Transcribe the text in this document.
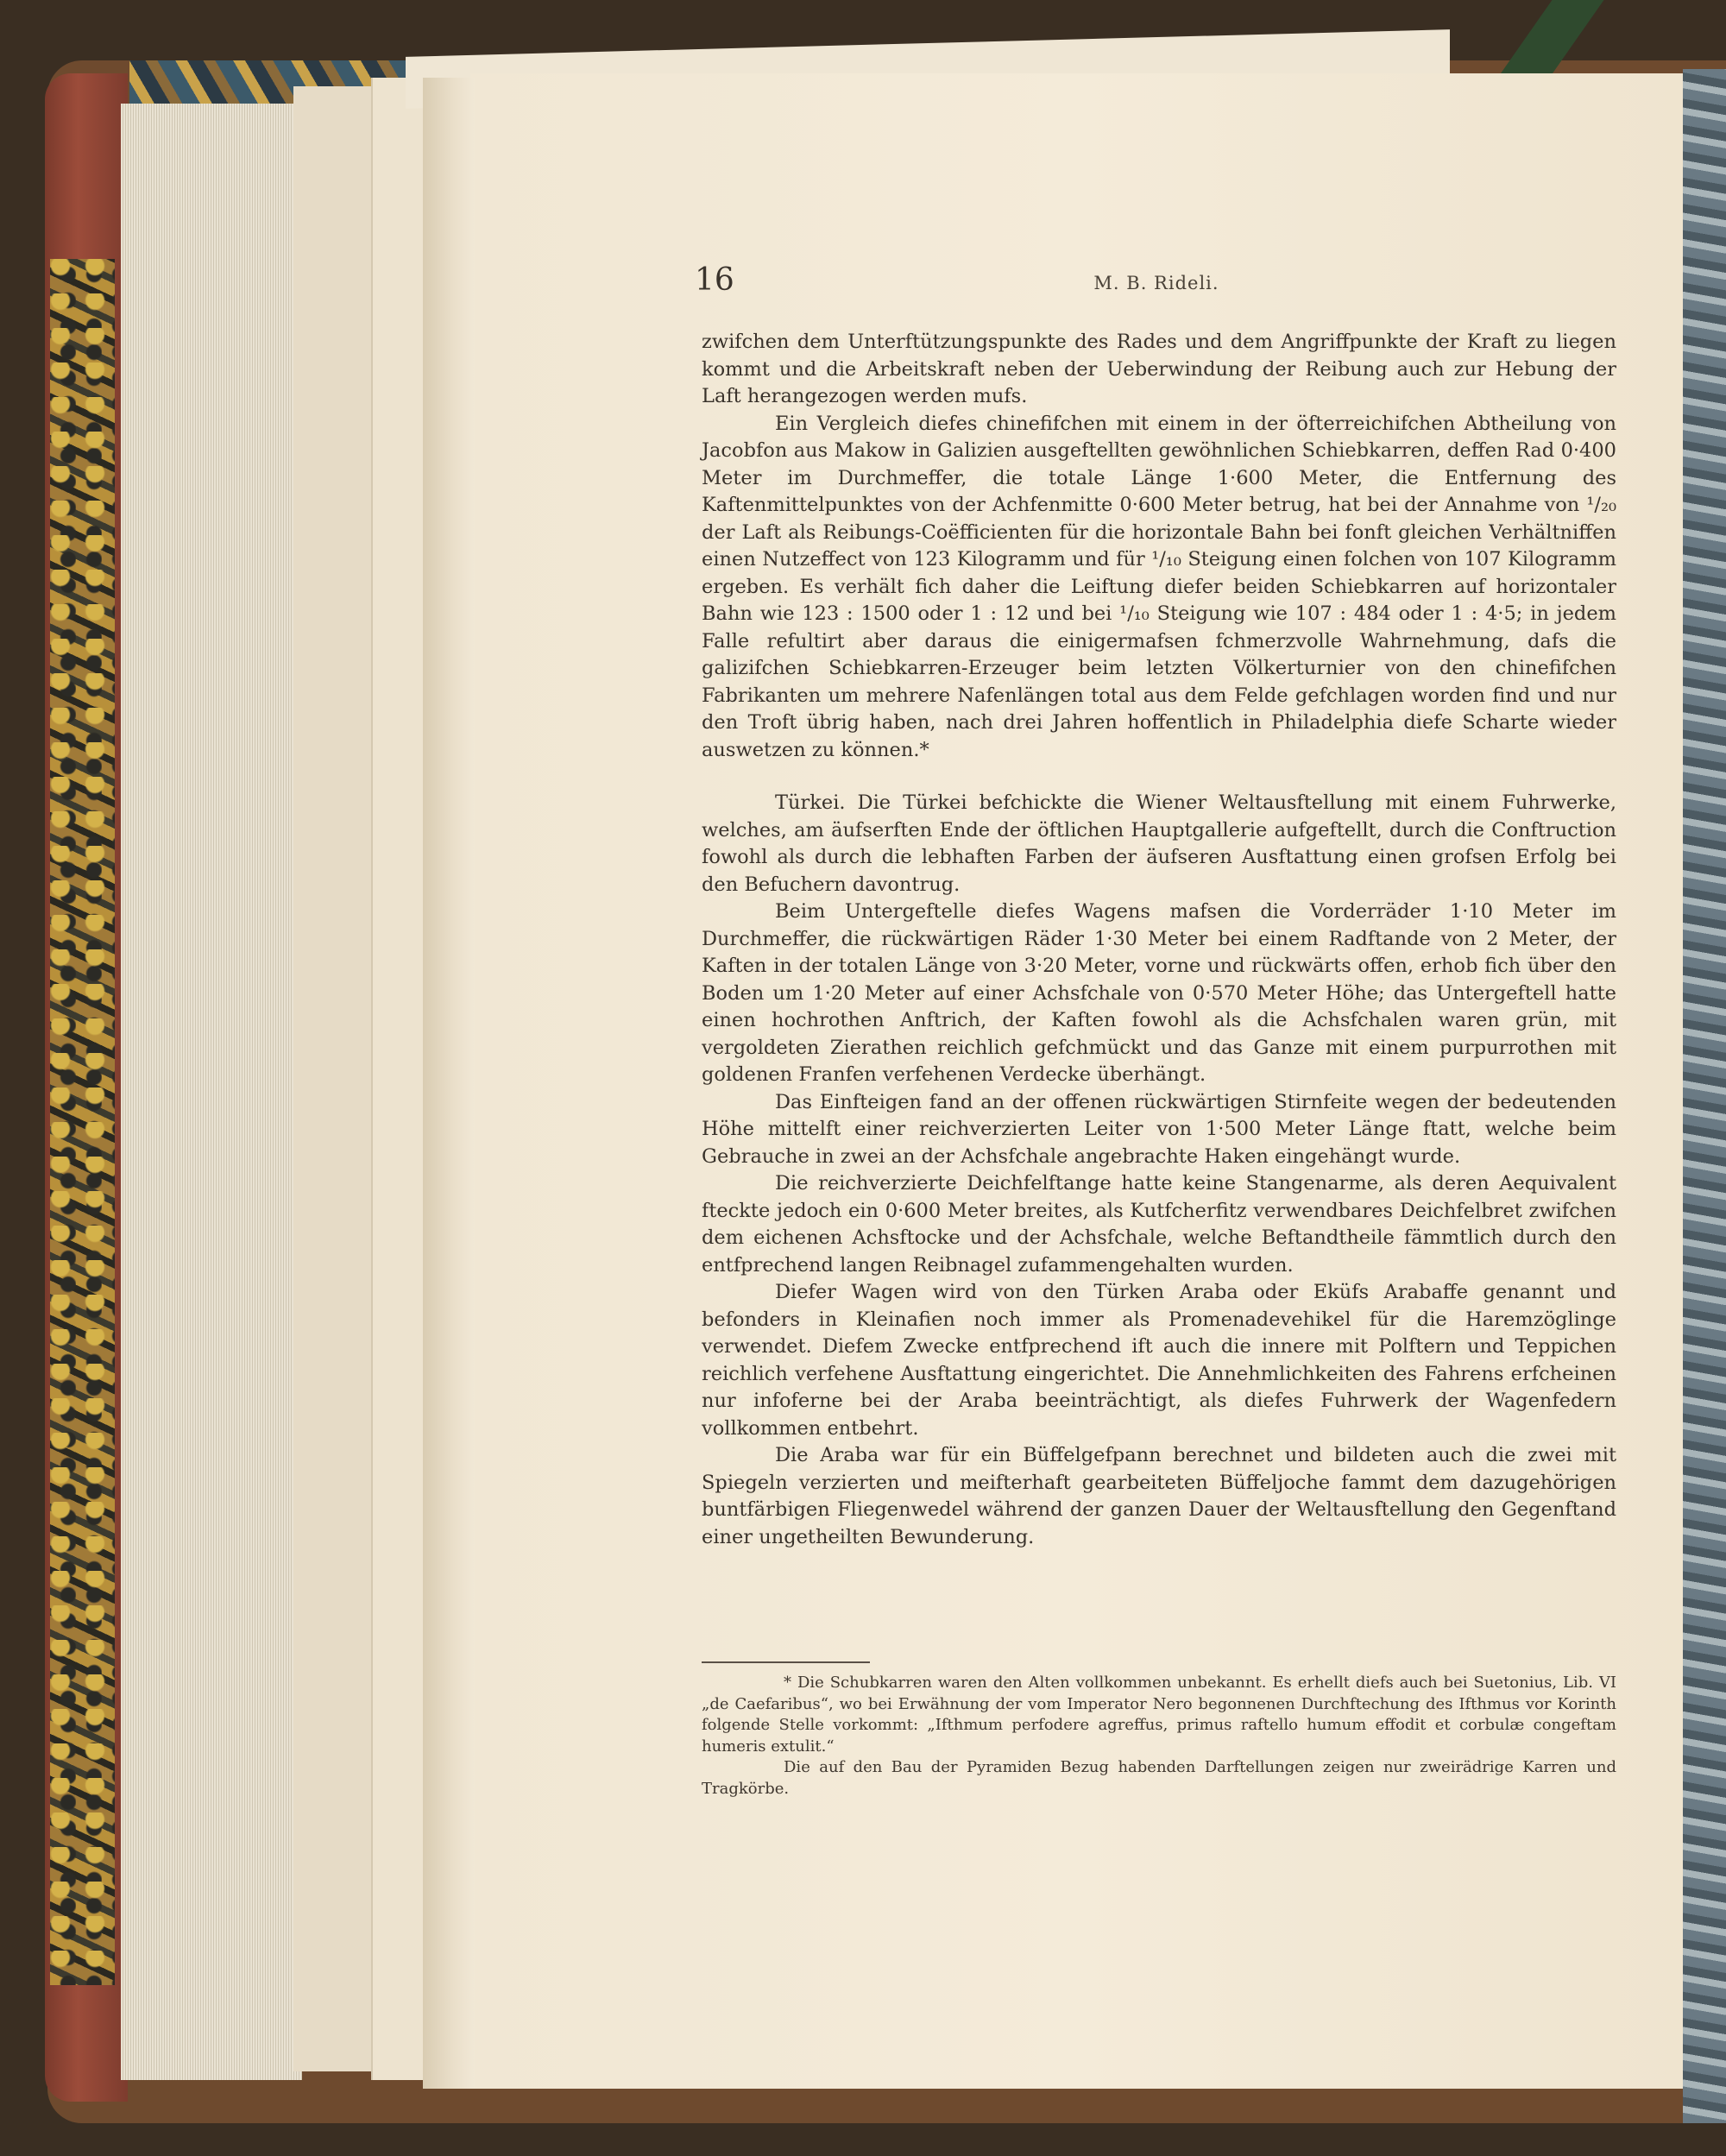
16	M. B. Rideli.

zwifchen dem Unterftützungspunkte des Rades und dem Angriffpunkte der Kraft zu liegen kommt und die Arbeitskraft neben der Ueberwindung der Reibung auch zur Hebung der Laft herangezogen werden mufs.

Ein Vergleich diefes chinefifchen mit einem in der öfterreichifchen Abtheilung von Jacobfon aus Makow in Galizien ausgeftellten gewöhnlichen Schiebkarren, deffen Rad 0·400 Meter im Durchmeffer, die totale Länge 1·600 Meter, die Entfernung des Kaftenmittelpunktes von der Achfenmitte 0·600 Meter betrug, hat bei der Annahme von ¹/₂₀ der Laft als Reibungs-Coëfficienten für die horizontale Bahn bei fonft gleichen Verhältniffen einen Nutzeffect von 123 Kilogramm und für ¹/₁₀ Steigung einen folchen von 107 Kilogramm ergeben. Es verhält fich daher die Leiftung diefer beiden Schiebkarren auf horizontaler Bahn wie 123 : 1500 oder 1 : 12 und bei ¹/₁₀ Steigung wie 107 : 484 oder 1 : 4·5; in jedem Falle refultirt aber daraus die einigermafsen fchmerzvolle Wahrnehmung, dafs die galizifchen Schiebkarren-Erzeuger beim letzten Völkerturnier von den chinefifchen Fabrikanten um mehrere Nafenlängen total aus dem Felde gefchlagen worden find und nur den Troft übrig haben, nach drei Jahren hoffentlich in Philadelphia diefe Scharte wieder auswetzen zu können.*

Türkei. Die Türkei befchickte die Wiener Weltausftellung mit einem Fuhrwerke, welches, am äufserften Ende der öftlichen Hauptgallerie aufgeftellt, durch die Conftruction fowohl als durch die lebhaften Farben der äufseren Ausftattung einen grofsen Erfolg bei den Befuchern davontrug.

Beim Untergeftelle diefes Wagens mafsen die Vorderräder 1·10 Meter im Durchmeffer, die rückwärtigen Räder 1·30 Meter bei einem Radftande von 2 Meter, der Kaften in der totalen Länge von 3·20 Meter, vorne und rückwärts offen, erhob fich über den Boden um 1·20 Meter auf einer Achsfchale von 0·570 Meter Höhe; das Untergeftell hatte einen hochrothen Anftrich, der Kaften fowohl als die Achsfchalen waren grün, mit vergoldeten Zierathen reichlich gefchmückt und das Ganze mit einem purpurrothen mit goldenen Franfen verfehenen Verdecke überhängt.

Das Einfteigen fand an der offenen rückwärtigen Stirnfeite wegen der bedeutenden Höhe mittelft einer reichverzierten Leiter von 1·500 Meter Länge ftatt, welche beim Gebrauche in zwei an der Achsfchale angebrachte Haken eingehängt wurde.

Die reichverzierte Deichfelftange hatte keine Stangenarme, als deren Aequivalent fteckte jedoch ein 0·600 Meter breites, als Kutfcherfitz verwendbares Deichfelbret zwifchen dem eichenen Achsftocke und der Achsfchale, welche Beftandtheile fämmtlich durch den entfprechend langen Reibnagel zufammengehalten wurden.

Diefer Wagen wird von den Türken Araba oder Eküfs Arabaffe genannt und befonders in Kleinafien noch immer als Promenadevehikel für die Haremzöglinge verwendet. Diefem Zwecke entfprechend ift auch die innere mit Polftern und Teppichen reichlich verfehene Ausftattung eingerichtet. Die Annehmlichkeiten des Fahrens erfcheinen nur infoferne bei der Araba beeinträchtigt, als diefes Fuhrwerk der Wagenfedern vollkommen entbehrt.

Die Araba war für ein Büffelgefpann berechnet und bildeten auch die zwei mit Spiegeln verzierten und meifterhaft gearbeiteten Büffeljoche fammt dem dazugehörigen buntfärbigen Fliegenwedel während der ganzen Dauer der Weltausftellung den Gegenftand einer ungetheilten Bewunderung.

* Die Schubkarren waren den Alten vollkommen unbekannt. Es erhellt diefs auch bei Suetonius, Lib. VI „de Caefaribus“, wo bei Erwähnung der vom Imperator Nero begonnenen Durchftechung des Ifthmus vor Korinth folgende Stelle vorkommt: „Ifthmum perfodere agreffus, primus raftello humum effodit et corbulæ congeftam humeris extulit.“

Die auf den Bau der Pyramiden Bezug habenden Darftellungen zeigen nur zweirädrige Karren und Tragkörbe.
